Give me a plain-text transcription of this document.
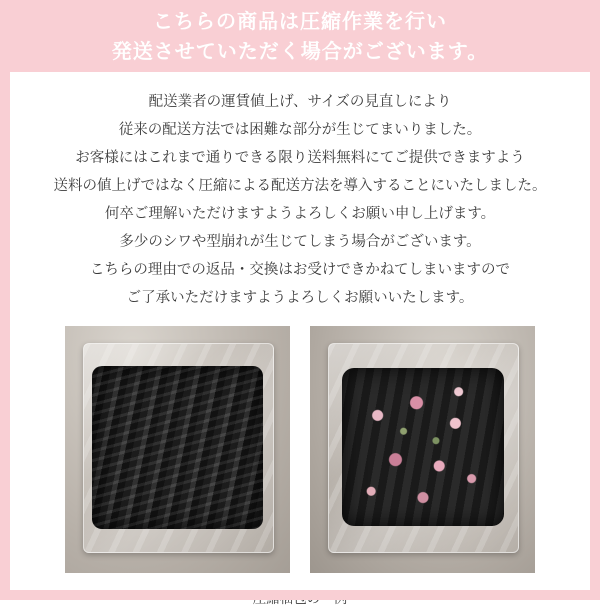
こちらの商品は圧縮作業を行い
発送させていただく場合がございます。
配送業者の運賃値上げ、サイズの見直しにより
従来の配送方法では困難な部分が生じてまいりました。
お客様にはこれまで通りできる限り送料無料にてご提供できますよう
送料の値上げではなく圧縮による配送方法を導入することにいたしました。
何卒ご理解いただけますようよろしくお願い申し上げます。
多少のシワや型崩れが生じてしまう場合がございます。
こちらの理由での返品・交換はお受けできかねてしまいますので
ご了承いただけますようよろしくお願いいたします。
